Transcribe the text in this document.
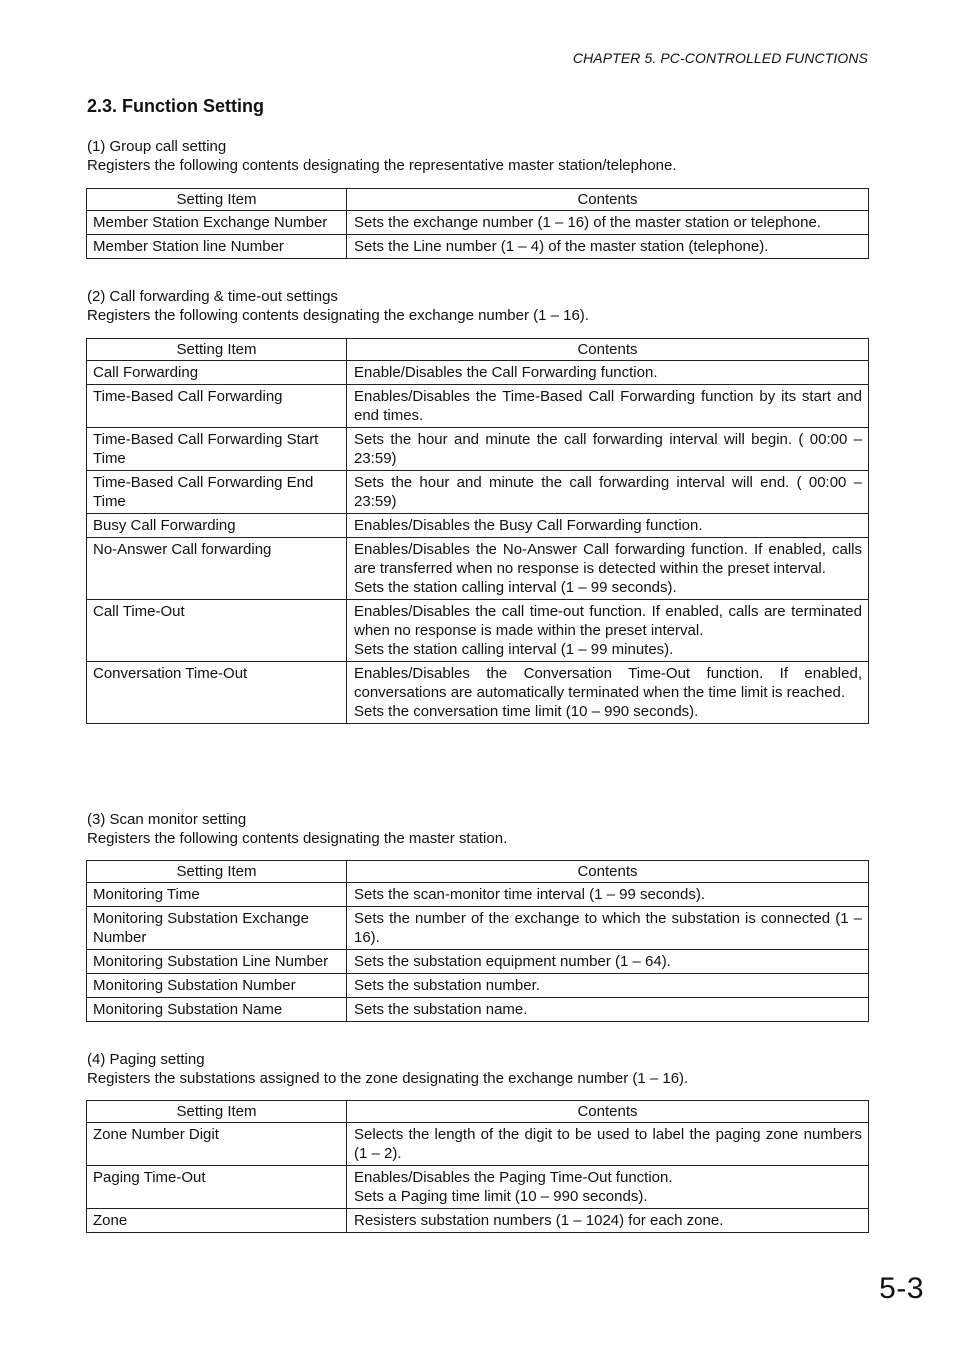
CHAPTER 5. PC-CONTROLLED FUNCTIONS
2.3. Function Setting
(1) Group call setting
Registers the following contents designating the representative master station/telephone.
Setting Item	Contents
Member Station Exchange Number	Sets the exchange number (1 – 16) of the master station or telephone.

Member Station line Number	Sets the Line number (1 – 4) of the master station (telephone).
(2) Call forwarding & time-out settings
Registers the following contents designating the exchange number (1 – 16).
Setting Item	Contents
Call Forwarding	Enable/Disables the Call Forwarding function.

Time-Based Call Forwarding	Enables/Disables the Time-Based Call Forwarding function by its start and end times.

Time-Based Call Forwarding Start Time	Sets the hour and minute the call forwarding interval will begin. ( 00:00 – 23:59)

Time-Based Call Forwarding End Time	Sets the hour and minute the call forwarding interval will end. ( 00:00 – 23:59)

Busy Call Forwarding	Enables/Disables the Busy Call Forwarding function.

No-Answer Call forwarding	Enables/Disables the No-Answer Call forwarding function. If enabled, calls are transferred when no response is detected within the preset interval.
Sets the station calling interval (1 – 99 seconds).

Call Time-Out	Enables/Disables the call time-out function. If enabled, calls are terminated when no response is made within the preset interval.
Sets the station calling interval (1 – 99 minutes).

Conversation Time-Out	Enables/Disables the Conversation Time-Out function. If enabled, conversations are automatically terminated when the time limit is reached.
Sets the conversation time limit (10 – 990 seconds).
(3) Scan monitor setting
Registers the following contents designating the master station.
Setting Item	Contents
Monitoring Time	Sets the scan-monitor time interval (1 – 99 seconds).

Monitoring Substation Exchange Number	Sets the number of the exchange to which the substation is connected (1 – 16).

Monitoring Substation Line Number	Sets the substation equipment number (1 – 64).

Monitoring Substation Number	Sets the substation number.

Monitoring Substation Name	Sets the substation name.
(4) Paging setting
Registers the substations assigned to the zone designating the exchange number (1 – 16).
Setting Item	Contents
Zone Number Digit	Selects the length of the digit to be used to label the paging zone numbers (1 – 2).

Paging Time-Out	Enables/Disables the Paging Time-Out function.
Sets a Paging time limit (10 – 990 seconds).

Zone	Resisters substation numbers (1 – 1024) for each zone.
5-3
